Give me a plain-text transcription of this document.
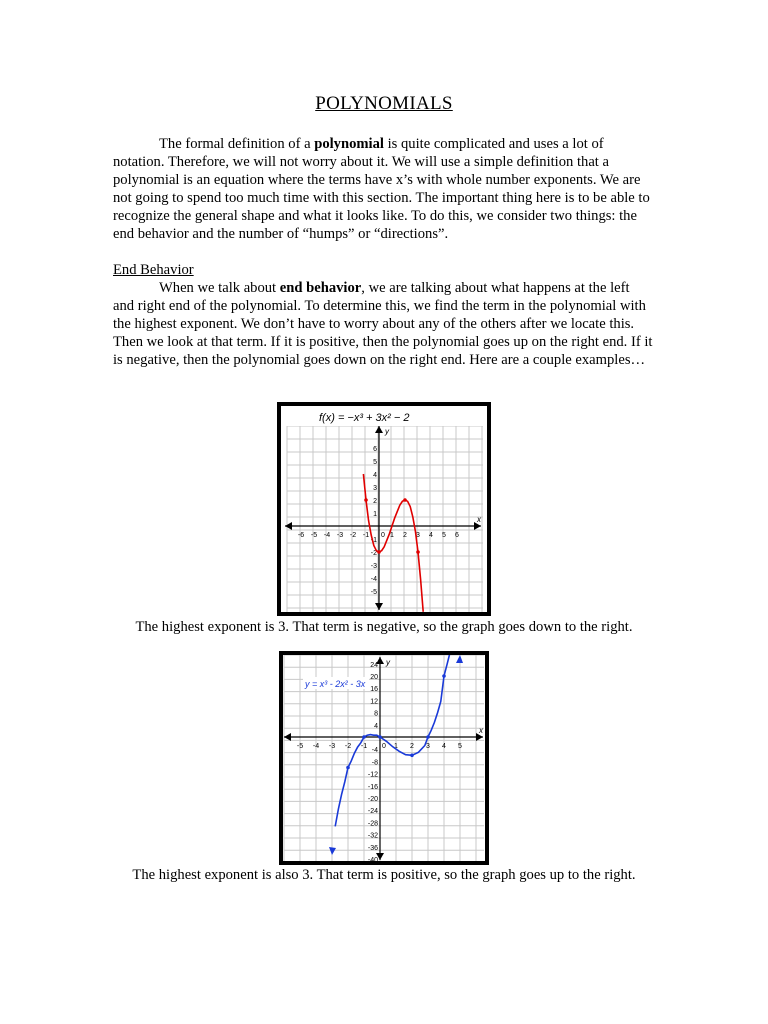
POLYNOMIALS
The formal definition of a polynomial is quite complicated and uses a lot of notation. Therefore, we will not worry about it. We will use a simple definition that a polynomial is an equation where the terms have x’s with whole number exponents. We are not going to spend too much time with this section. The important thing here is to be able to recognize the general shape and what it looks like. To do this, we consider two things: the end behavior and the number of “humps” or “directions”.
End Behavior
When we talk about end behavior, we are talking about what happens at the left and right end of the polynomial. To determine this, we find the term in the polynomial with the highest exponent. We don’t have to worry about any of the others after we locate this. Then we look at that term. If it is positive, then the polynomial goes up on the right end. If it is negative, then the polynomial goes down on the right end. Here are a couple examples…
-6 -5 -4 -3 -2 -1 0 1 2 3 4 5 6
6
5
4
3
2
1
-1
-2
-3
-4
-5
x
y
f(x) = −x³ + 3x² − 2
The highest exponent is 3. That term is negative, so the graph goes down to the right.
-5 -4 -3 -2 -1 0 1 2 3 4 5
24
20
16
12
8
4
-4
-8
-12
-16
-20
-24
-28
-32
-36
-40
x
y
y = x³ - 2x² - 3x
The highest exponent is also 3. That term is positive, so the graph goes up to the right.
